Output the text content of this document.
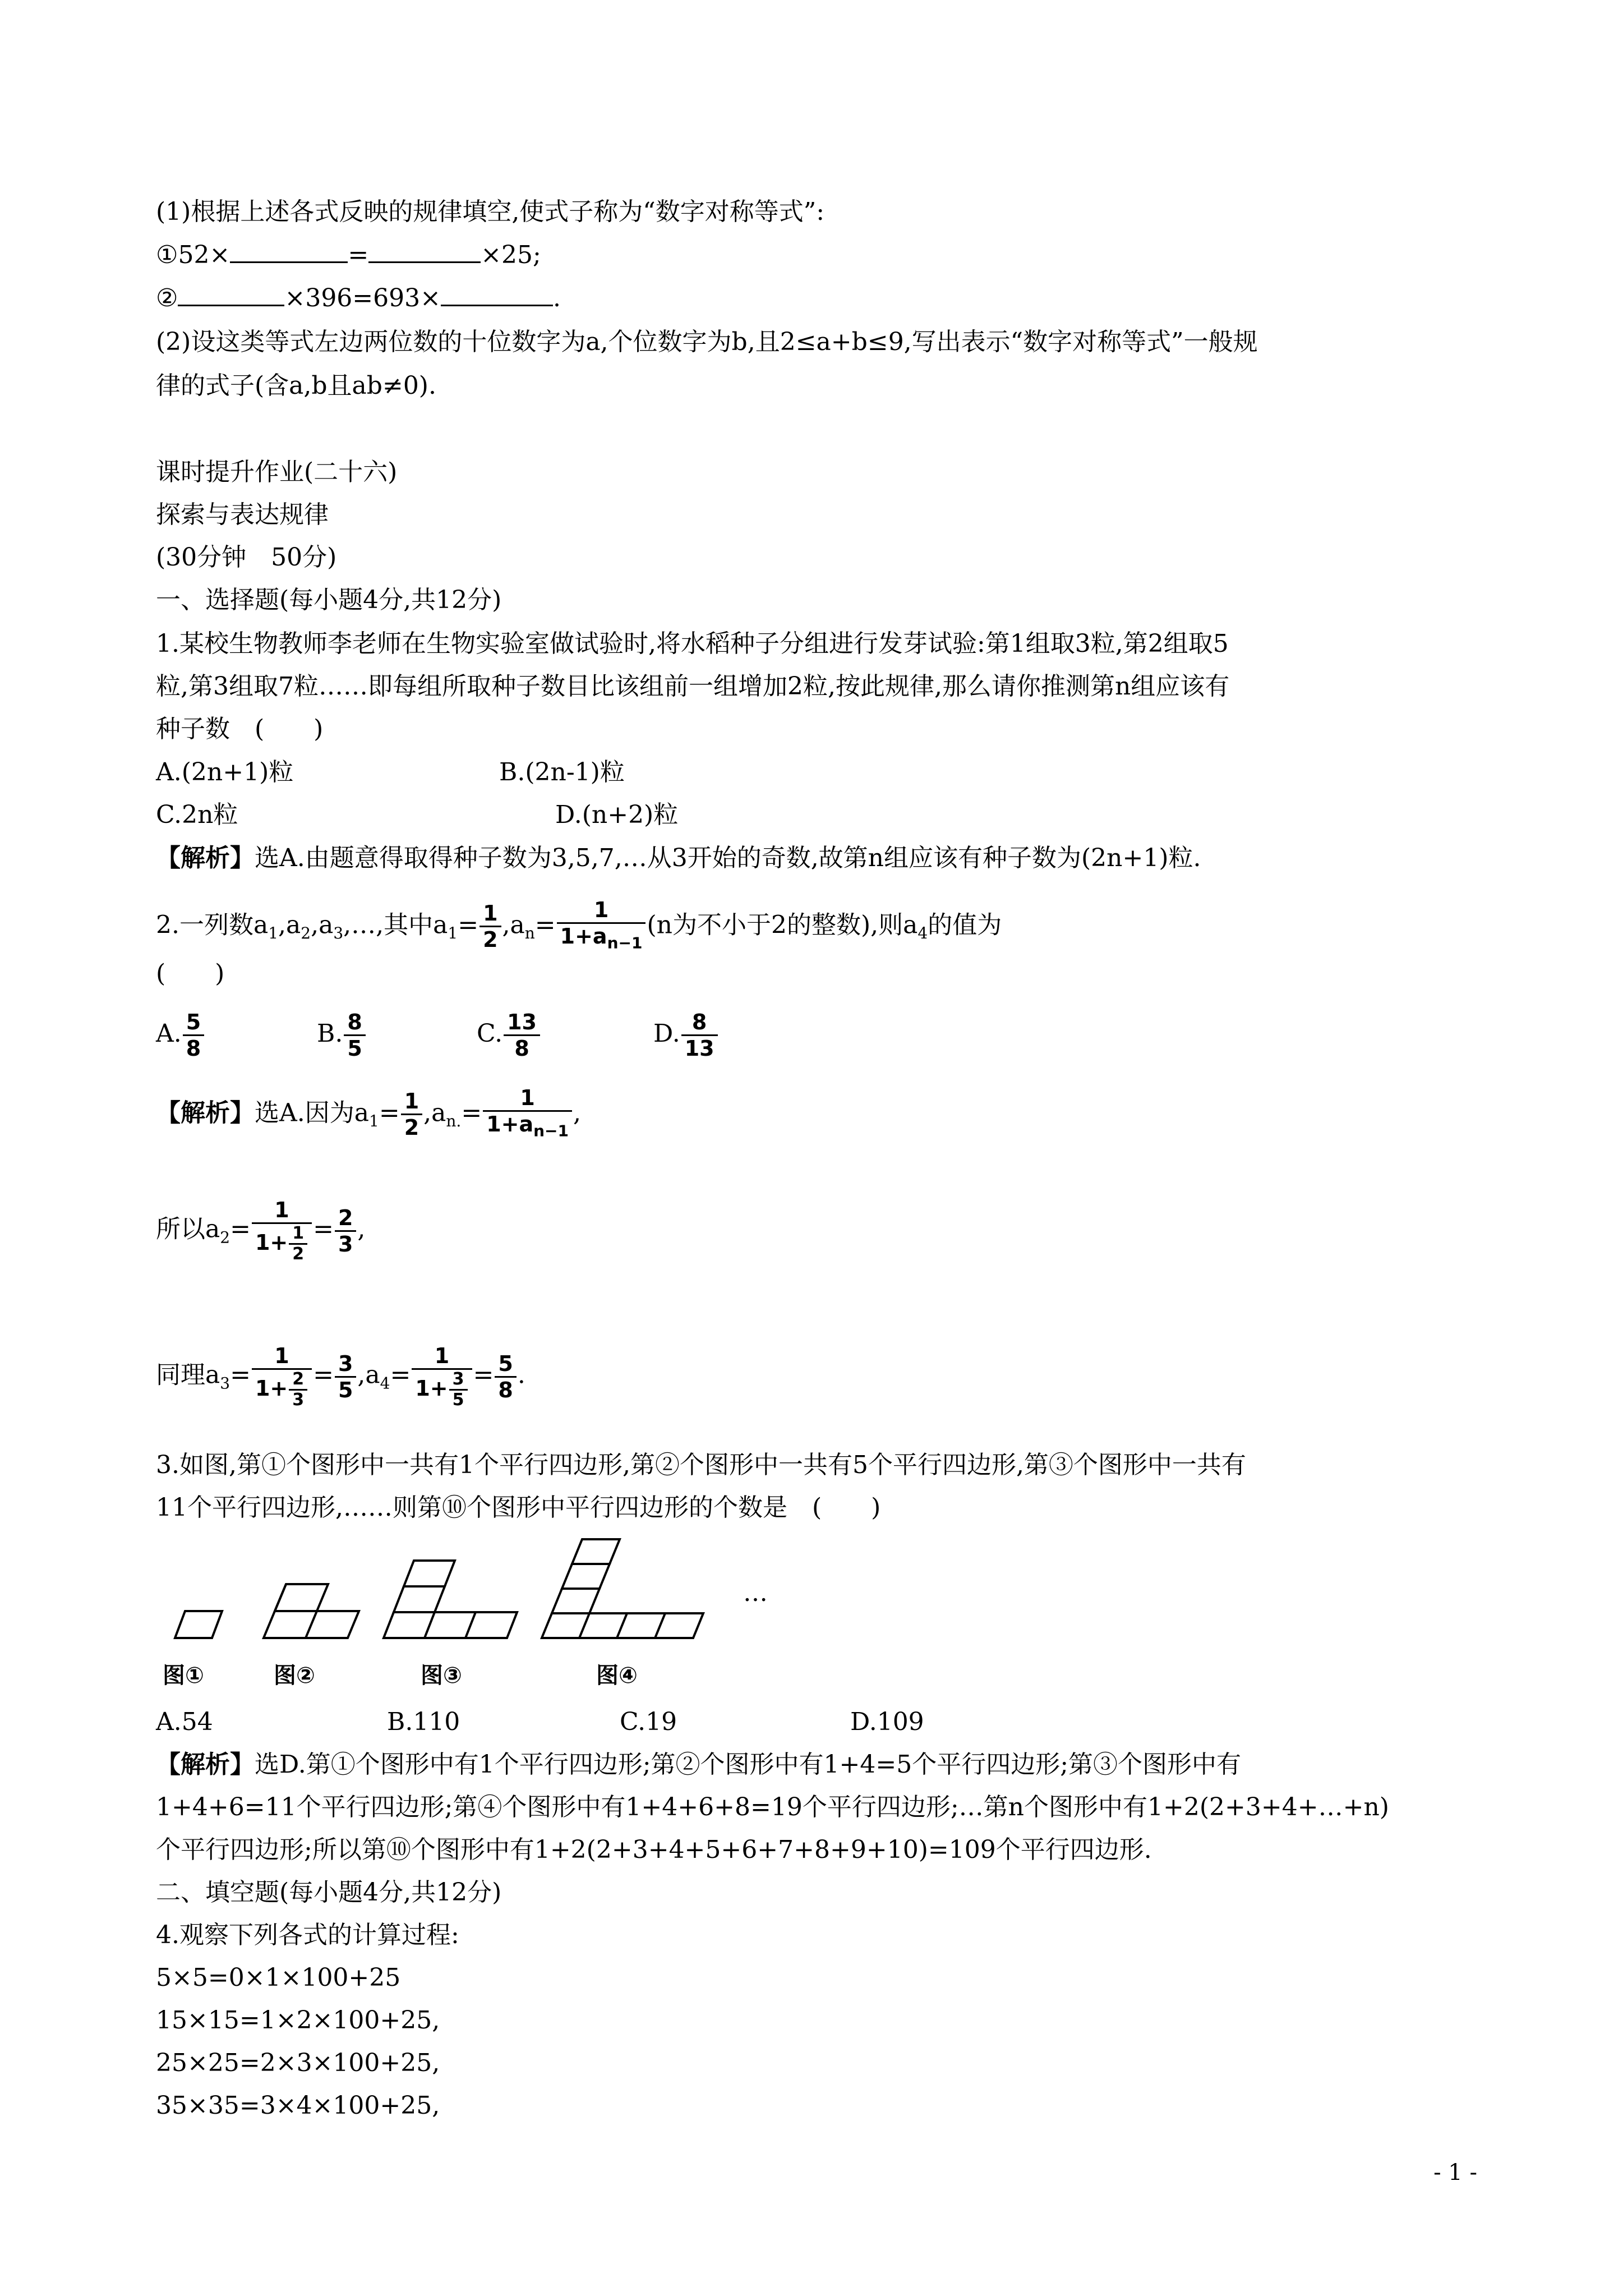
(1)根据上述各式反映的规律填空,使式子称为“数字对称等式”:
①52×	=	×25;
②	×396=693×	.
(2)设这类等式左边两位数的十位数字为a,个位数字为b,且2≤a+b≤9,写出表示“数字对称等式”一般规
律的式子(含a,b且ab≠0).
课时提升作业(二十六)
探索与表达规律
(30分钟　50分)
一、选择题(每小题4分,共12分)
1.某校生物教师李老师在生物实验室做试验时,将水稻种子分组进行发芽试验:第1组取3粒,第2组取5
粒,第3组取7粒……即每组所取种子数目比该组前一组增加2粒,按此规律,那么请你推测第n组应该有
种子数　(　　)
A.(2n+1)粒	B.(2n-1)粒
C.2n粒	D.(n+2)粒
【解析】选A.由题意得取得种子数为3,5,7,…从3开始的奇数,故第n组应该有种子数为(2n+1)粒.
2.一列数$a_1,a_2,a_3,\dots$,其中$a_1= \frac{1}{2} ,a_n= \frac{1}{1+a_{n-1}} (n$为不小于2的整数),则$a_4$的值为
(　　)
A. $\frac{5}{8}$	B. $\frac{8}{5}$	C. $\frac{13}{8}$	D. $\frac{8}{13}$
【解析】选A.因为$a_1= \frac{1}{2} ,a_{n.}= \frac{1}{1+a_{n-1}}$ ,
所以$a_2= \frac{1}{1+ \frac{1}{2}} = \frac{2}{3}$ ,
同理$a_3= \frac{1}{1+ \frac{2}{3}} = \frac{3}{5} ,a_4= \frac{1}{1+ \frac{3}{5}} = \frac{5}{8}$ .
3.如图,第①个图形中一共有1个平行四边形,第②个图形中一共有5个平行四边形,第③个图形中一共有
11个平行四边形,……则第⑩个图形中平行四边形的个数是　(　　)
…
图①	图②	图③	图④
A.54	B.110	C.19	D.109
【解析】选D.第①个图形中有1个平行四边形;第②个图形中有1+4=5个平行四边形;第③个图形中有
1+4+6=11个平行四边形;第④个图形中有1+4+6+8=19个平行四边形;…第n个图形中有1+2(2+3+4+…+n)
个平行四边形;所以第⑩个图形中有1+2(2+3+4+5+6+7+8+9+10)=109个平行四边形.
二、填空题(每小题4分,共12分)
4.观察下列各式的计算过程:
5×5=0×1×100+25
15×15=1×2×100+25,
25×25=2×3×100+25,
35×35=3×4×100+25,
- 1 -
